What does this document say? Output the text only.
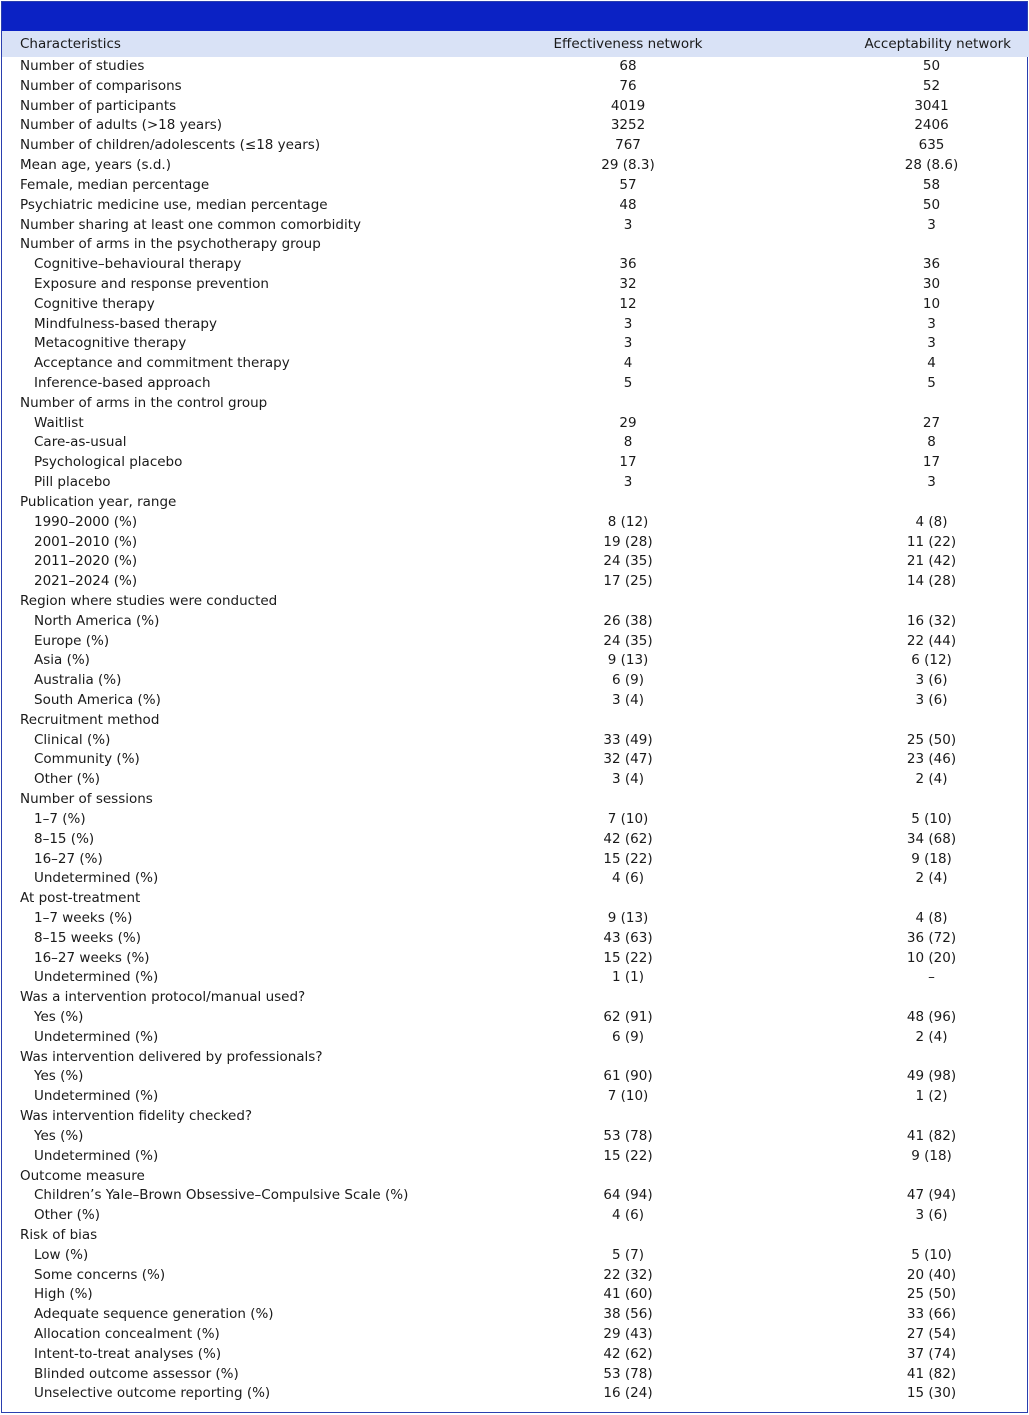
Characteristics	Effectiveness network	Acceptability network
Number of studies	68	50
Number of comparisons	76	52
Number of participants	4019	3041
Number of adults (>18 years)	3252	2406
Number of children/adolescents (≤18 years)	767	635
Mean age, years (s.d.)	29 (8.3)	28 (8.6)
Female, median percentage	57	58
Psychiatric medicine use, median percentage	48	50
Number sharing at least one common comorbidity	3	3
Number of arms in the psychotherapy group		
Cognitive–behavioural therapy	36	36
Exposure and response prevention	32	30
Cognitive therapy	12	10
Mindfulness-based therapy	3	3
Metacognitive therapy	3	3
Acceptance and commitment therapy	4	4
Inference-based approach	5	5
Number of arms in the control group		
Waitlist	29	27
Care-as-usual	8	8
Psychological placebo	17	17
Pill placebo	3	3
Publication year, range		
1990–2000 (%)	8 (12)	4 (8)
2001–2010 (%)	19 (28)	11 (22)
2011–2020 (%)	24 (35)	21 (42)
2021–2024 (%)	17 (25)	14 (28)
Region where studies were conducted		
North America (%)	26 (38)	16 (32)
Europe (%)	24 (35)	22 (44)
Asia (%)	9 (13)	6 (12)
Australia (%)	6 (9)	3 (6)
South America (%)	3 (4)	3 (6)
Recruitment method		
Clinical (%)	33 (49)	25 (50)
Community (%)	32 (47)	23 (46)
Other (%)	3 (4)	2 (4)
Number of sessions		
1–7 (%)	7 (10)	5 (10)
8–15 (%)	42 (62)	34 (68)
16–27 (%)	15 (22)	9 (18)
Undetermined (%)	4 (6)	2 (4)
At post-treatment		
1–7 weeks (%)	9 (13)	4 (8)
8–15 weeks (%)	43 (63)	36 (72)
16–27 weeks (%)	15 (22)	10 (20)
Undetermined (%)	1 (1)	–
Was a intervention protocol/manual used?		
Yes (%)	62 (91)	48 (96)
Undetermined (%)	6 (9)	2 (4)
Was intervention delivered by professionals?		
Yes (%)	61 (90)	49 (98)
Undetermined (%)	7 (10)	1 (2)
Was intervention fidelity checked?		
Yes (%)	53 (78)	41 (82)
Undetermined (%)	15 (22)	9 (18)
Outcome measure		
Children’s Yale–Brown Obsessive–Compulsive Scale (%)	64 (94)	47 (94)
Other (%)	4 (6)	3 (6)
Risk of bias		
Low (%)	5 (7)	5 (10)
Some concerns (%)	22 (32)	20 (40)
High (%)	41 (60)	25 (50)
Adequate sequence generation (%)	38 (56)	33 (66)
Allocation concealment (%)	29 (43)	27 (54)
Intent-to-treat analyses (%)	42 (62)	37 (74)
Blinded outcome assessor (%)	53 (78)	41 (82)
Unselective outcome reporting (%)	16 (24)	15 (30)
